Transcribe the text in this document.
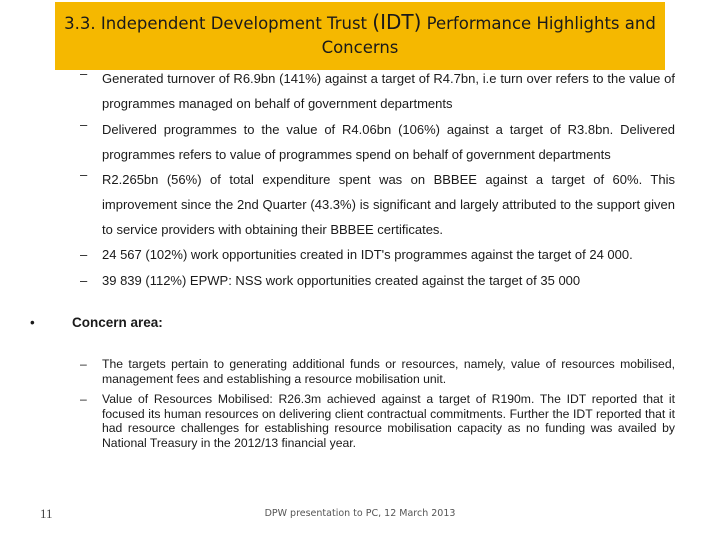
3.3. Independent Development Trust (IDT) Performance Highlights and
Concerns
– Generated turnover of R6.9bn (141%) against a target of R4.7bn, i.e turn over refers to the value of programmes managed on behalf of government departments
– Delivered programmes to the value of R4.06bn (106%) against a target of R3.8bn. Delivered programmes refers to value of programmes spend on behalf of government departments
– R2.265bn (56%) of total expenditure spent was on BBBEE against a target of 60%. This improvement since the 2nd Quarter (43.3%) is significant and largely attributed to the support given to service providers with obtaining their BBBEE certificates.
– 24 567 (102%) work opportunities created in IDT's programmes against the target of 24 000.
– 39 839 (112%) EPWP: NSS work opportunities created against the target of 35 000
•	Concern area:
– The targets pertain to generating additional funds or resources, namely, value of resources mobilised, management fees and establishing a resource mobilisation unit.
– Value of Resources Mobilised: R26.3m achieved against a target of R190m. The IDT reported that it focused its human resources on delivering client contractual commitments. Further the IDT reported that it had resource challenges for establishing resource mobilisation capacity as no funding was availed by National Treasury in the 2012/13 financial year.
11	DPW presentation to PC, 12 March 2013
